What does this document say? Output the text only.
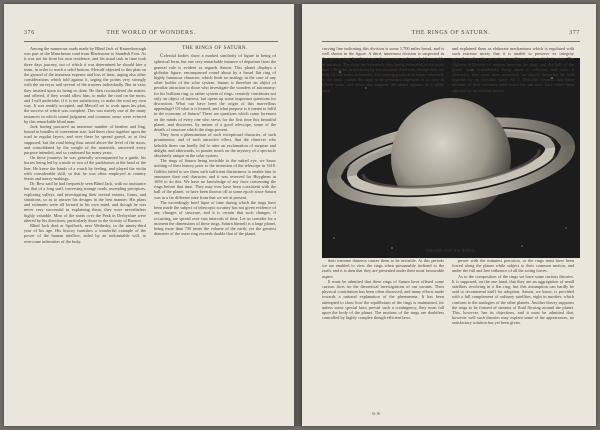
376	THE WORLD OF WONDERS.

Among the numerous roads made by Blind Jack of Knaresborough was part of the Manchester road from Blackstone to Standish Foot. As it was not far from his own residence, and his usual task in time took three days journey, out of which it was determined he should hire a team, in order to reach a solid bottom. Metcalf objected to this plan on the ground of the immense expense and loss of time, urging also other considerations which told against it, urging the points very strongly with the surveyor and several of the trustees individually. But in vain; they insisted upon its being so done. He then reconsidered the matter, and offered, if they would allow him, to make the road on the moss, and I will undertake, if it is not satisfactory, to make the road my own way. It was readily accepted; and Metcalf set to work upon his plan, the success of which was complete. This was merely one of the many instances in which sound judgment and common sense were evinced by this remarkable blind man.

Jack having procured an immense number of heather and ling, bound in bundles of convenient size, laid them close together upon the road in regular layers, and over these he spread gravel, as at first supposed; but the road being thus raised above the level of the moss, and consolidated by the weight of the materials, answered every purpose intended, and so continued for many years.

On these journeys he was generally accompanied by a guide, his horses being led by a mule or two of the packhorses at the head of the line. He knew the hands of a watch by feeling, and played the violin with considerable skill, so that he was often employed at country feasts and merry-makings.

Dr. Bew said he had frequently seen Blind Jack, with no assistance but that of a long staff, traversing strange roads, ascending precipices, exploring valleys, and investigating their several extents, forms, and situations, so as to answer his designs in the best manner. His plans and estimates were all formed in his own mind, and though he was never very successful in explaining them, they were nevertheless highly valuable. Most of the roads over the Peak in Derbyshire were altered by his directions, particularly those in the vicinity of Buxton.

Blind Jack died at Spofforth, near Wetherby, in the ninety-third year of his age. His history furnishes a wonderful example of the power of the human intellect, aided by an indomitable will, to overcome infirmities of the body.

THE RINGS OF SATURN.

Celestial bodies show a marked similarity of figure in being of spherical form, but one very remarkable instance of departure from the general rule is evident as regards Saturn. This planet displays a globular figure, encompassed round about by a broad flat ring of highly luminous character, which finds no analogy in the case of any other bodies of the solar system. Saturn is therefore an object of peculiar attraction to those who investigate the wonders of astronomy; for his brilliant ring, or rather system of rings, certainly constitutes not only an object of interest, but opens up some important questions for discussion. What can have been the origin of this marvellous appendage? Of what is it formed, and what purpose is it meant to fulfil in the economy of Saturn? These are questions which come foremost on the minds of every one who views for the first time this beautiful planet, and discovers, by means of a good telescope, some of the details of structure which the rings present.

They form a phenomenon of such exceptional character, of such prominence, and of such attractive effect, that the observer who beholds them can hardly fail to utter an exclamation of surprise and delight, and afterwards, to ponder much on the mystery of a spectacle absolutely unique in the solar system.

The rings of Saturn being invisible to the naked eye, we know nothing of their history prior to the invention of the telescope in 1610. Galileo failed to see them with sufficient distinctness to enable him to announce their real character, and it was reserved for Huyghens in 1656 to do this. We have no knowledge of any facts concerning the rings before that time. They may ever have been coexistent with the ball of the planet, or have been thrown off at some epoch since Saturn was in a far different state from that we see at present.

The exceedingly brief lapse of time during which the rings have been made the subject of telescopic scrutiny has not given evidence of any changes of structure, and it is certain that such changes, if occurring, are spread over vast intervals of time. Let us consider for a moment the dimensions of these rings. Saturn himself is a large planet, being more than 730 times the volume of the earth; yet the greatest diameter of the outer ring exceeds double that of the planet.

THE RINGS OF SATURN.	377
SATURN AND HIS RINGS.

their extreme thinness causes them to be invisible. At this periods we are enabled to view the rings when presumably inclined to the earth, and it is then that they are presented under their most favourable aspect.

It must be admitted that these rings of Saturn have offered some curious facts for the theoretical investigations of our savants. Their physical constitution has been often discussed, and many efforts made towards a rational explanation of the phenomena. It has been attempted to show how the equilibrium of the rings is maintained, for unless some special laws prevail such a contingency, they must fall upon the body of the planet. The motions of the rings are doubtless controlled by highly complex though efficient laws.

power with the minutest precision, or the rings must have been forced along the planet while subject to their common motion, and under the full and free influence of all the acting forces.

As to the composition of the rings we have some curious theories. It is supposed, on the one hand, that they are an aggregation of small satellites revolving in a flat ring; but this assumption can hardly be said to recommend itself for adoption. Saturn, we know, is provided with a full complement of ordinary satellites, eight in number, which conform to the analogies of the other planets. Another theory supposes the rings to be formed of streams of fluid flowing around the planet. This, however, has its objections, and it must be admitted that, however well such theories may explain some of the appearances, no satisfactory solution has yet been given.

W. W.
curving line indicating this division is some 1,700 miles broad, and is well shown in the figure. A third, innermost division is suspected in the interior ring, but this is not always seen, and is probably variable in position. The rings are extremely thin, being estimated at not more than 138 miles in thickness by two eminent observers, though they are fully 64,000 miles in breadth. The varying position of Saturn relatively to the earth, causes the rings to be presented edgewise to us once in fifteen years, and when this happens the planet appears as a globe only.
and explained them as elaborate mechanisms which is regulated with such extreme nicety that it is unable to preserve its integrity notwithstanding the perturbing conditions under which it exists. The slightest difference of motion between the rings and the ball of the planet must immediately bring about a collision, and were it otherwise, they must have separated; we should thereafter be held together by an invisible force. Sir J. Herschel remarks that these motions of their common orbit round the sun must have either been adjusted by an external power.
